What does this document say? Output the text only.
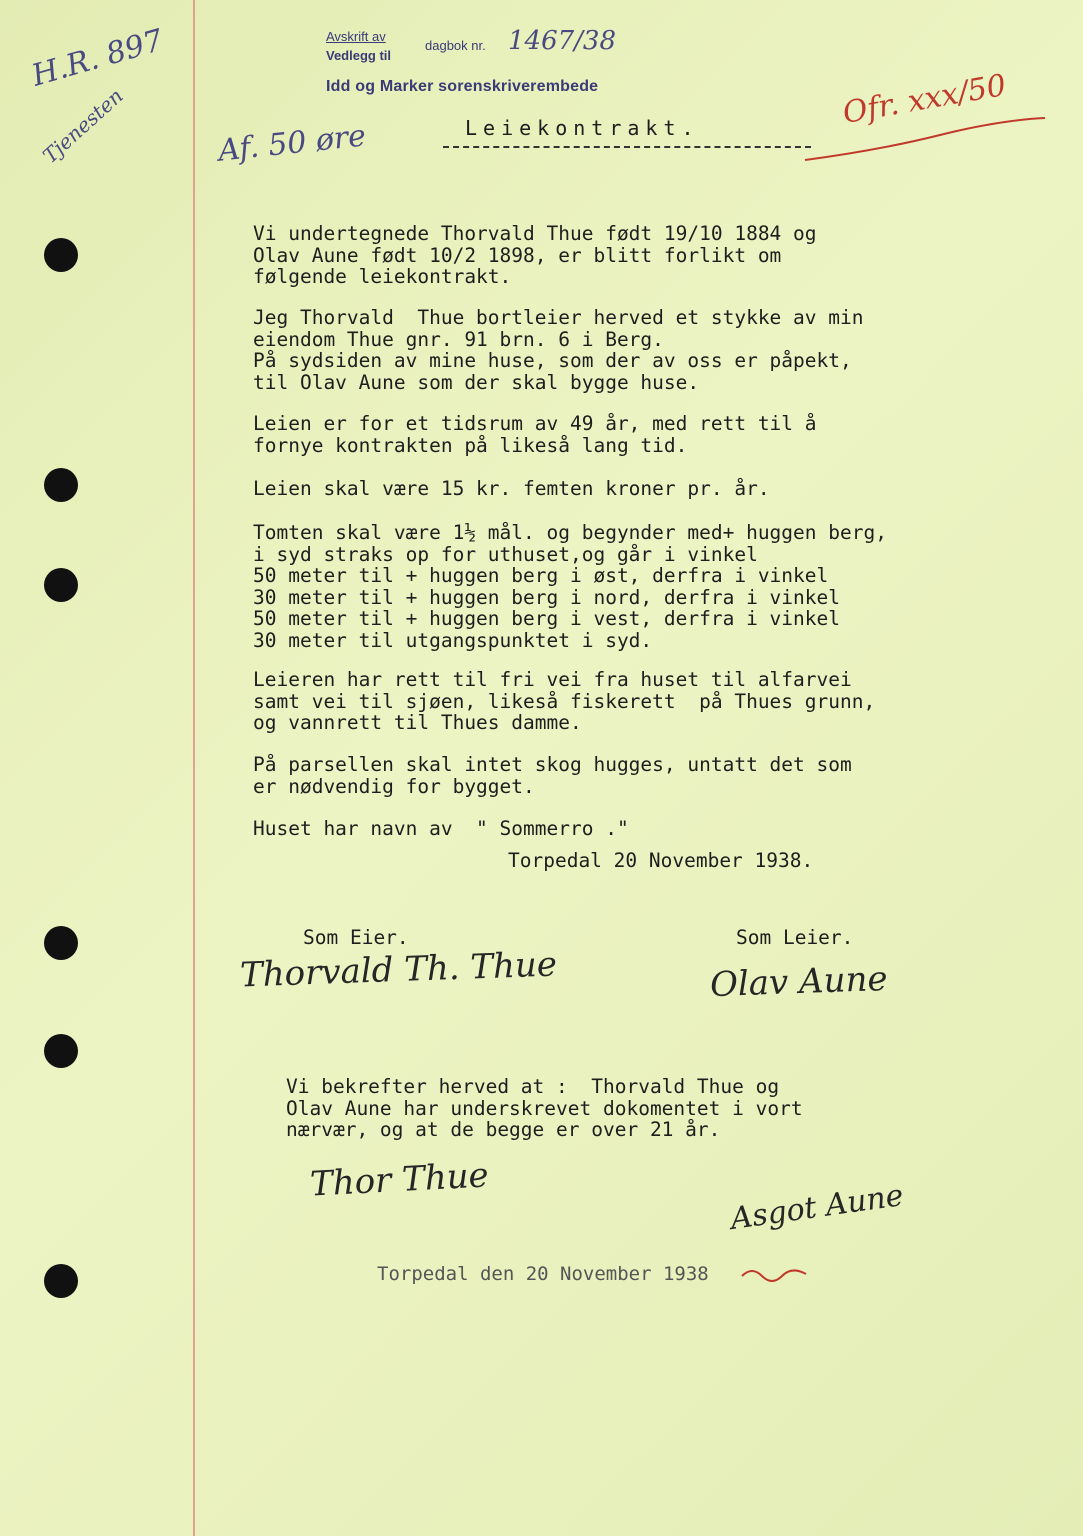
Avskrift av
Vedlegg til
dagbok nr. 1467/38
Idd og Marker sorenskriverembede
H.R. 897
Tjenesten	Af. 50 øre
Ofr. xxx/50
Leiekontrakt.
Vi undertegnede Thorvald Thue født 19/10 1884 og
Olav Aune født 10/2 1898, er blitt forlikt om
følgende leiekontrakt.
Jeg Thorvald  Thue bortleier herved et stykke av min
eiendom Thue gnr. 91 brn. 6 i Berg.
På sydsiden av mine huse, som der av oss er påpekt,
til Olav Aune som der skal bygge huse.
Leien er for et tidsrum av 49 år, med rett til å
fornye kontrakten på likeså lang tid.
Leien skal være 15 kr. femten kroner pr. år.
Tomten skal være 1½ mål. og begynder med+ huggen berg,
i syd straks op for uthuset,og går i vinkel
50 meter til + huggen berg i øst, derfra i vinkel
30 meter til + huggen berg i nord, derfra i vinkel
50 meter til + huggen berg i vest, derfra i vinkel
30 meter til utgangspunktet i syd.
Leieren har rett til fri vei fra huset til alfarvei
samt vei til sjøen, likeså fiskerett  på Thues grunn,
og vannrett til Thues damme.
På parsellen skal intet skog hugges, untatt det som
er nødvendig for bygget.
Huset har navn av  " Sommerro ."
Torpedal 20 November 1938.
Som Eier.
Thorvald Th. Thue
Som Leier.
Olav Aune
Vi bekrefter herved at :  Thorvald Thue og
Olav Aune har underskrevet dokomentet i vort
nærvær, og at de begge er over 21 år.
Thor Thue	Asgot Aune
Torpedal den 20 November 1938
